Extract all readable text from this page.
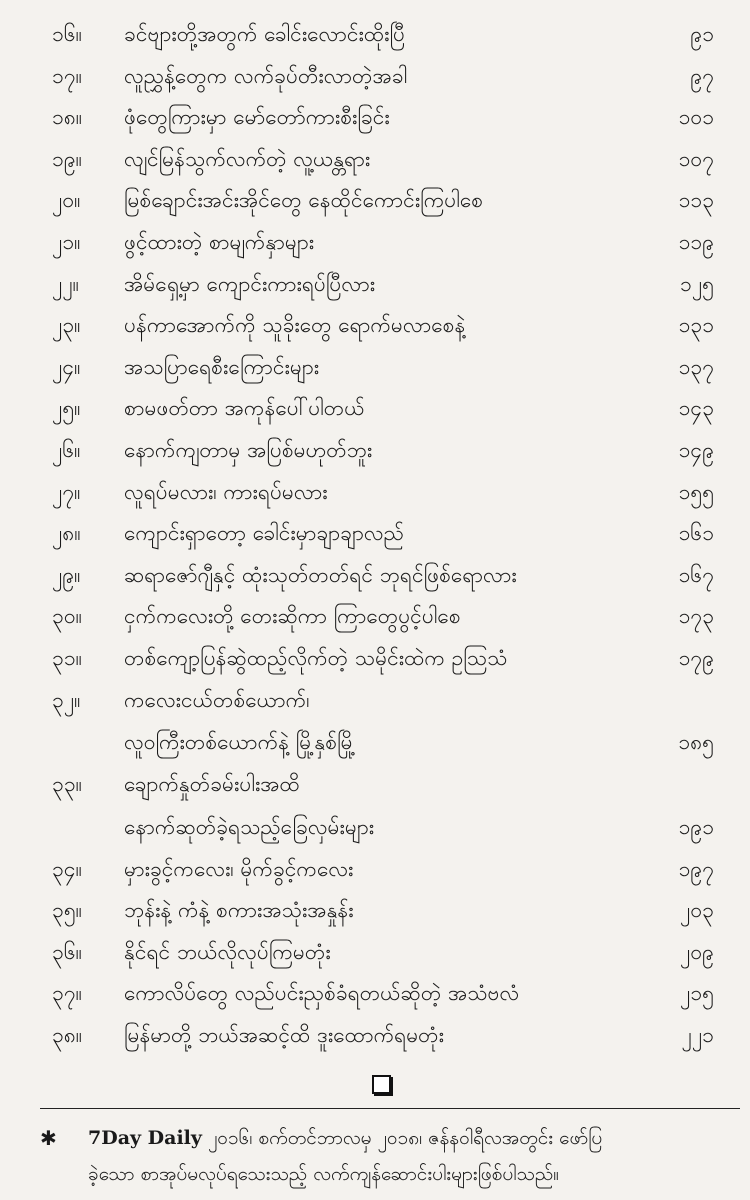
၁၆။	ခင်ဗျားတို့အတွက် ခေါင်းလောင်းထိုးပြီ	၉၁
၁၇။	လူညွှန့်တွေက လက်ခုပ်တီးလာတဲ့အခါ	၉၇
၁၈။	ဖုံတွေကြားမှာ မော်တော်ကားစီးခြင်း	၁၀၁
၁၉။	လျင်မြန်သွက်လက်တဲ့ လူ့ယန္တရား	၁၀၇
၂၀။	မြစ်ချောင်းအင်းအိုင်တွေ နေထိုင်ကောင်းကြပါစေ	၁၁၃
၂၁။	ဖွင့်ထားတဲ့ စာမျက်နှာများ	၁၁၉
၂၂။	အိမ်ရှေ့မှာ ကျောင်းကားရပ်ပြီလား	၁၂၅
၂၃။	ပန်ကာအောက်ကို သူခိုးတွေ ရောက်မလာစေနဲ့	၁၃၁
၂၄။	အသပြာရေစီးကြောင်းများ	၁၃၇
၂၅။	စာမဖတ်တာ အကုန်ပေါ်ပါတယ်	၁၄၃
၂၆။	နောက်ကျတာမှ အပြစ်မဟုတ်ဘူး	၁၄၉
၂၇။	လူရပ်မလား၊ ကားရပ်မလား	၁၅၅
၂၈။	ကျောင်းရှာတော့ ခေါင်းမှာချာချာလည်	၁၆၁
၂၉။	ဆရာဇော်ဂျီနှင့် ထုံးသုတ်တတ်ရင် ဘုရင်ဖြစ်ရောလား	၁၆၇
၃၀။	ငှက်ကလေးတို့ တေးဆိုကာ ကြာတွေပွင့်ပါစေ	၁၇၃
၃၁။	တစ်ကျော့ပြန်ဆွဲထည့်လိုက်တဲ့ သမိုင်းထဲက ဥသြသံ	၁၇၉
၃၂။	ကလေးငယ်တစ်ယောက်၊
လူဝကြီးတစ်ယောက်နဲ့ မြို့နှစ်မြို့	၁၈၅
၃၃။	ချောက်နှုတ်ခမ်းပါးအထိ
နောက်ဆုတ်ခဲ့ရသည့်ခြေလှမ်းများ	၁၉၁
၃၄။	မှားခွင့်ကလေး၊ မိုက်ခွင့်ကလေး	၁၉၇
၃၅။	ဘုန်းနဲ့ ကံနဲ့ စကားအသုံးအနှုန်း	၂၀၃
၃၆။	နိုင်ရင် ဘယ်လိုလုပ်ကြမတုံး	၂၀၉
၃၇။	ကောလိပ်တွေ လည်ပင်းညှစ်ခံရတယ်ဆိုတဲ့ အသံဗလံ	၂၁၅
၃၈။	မြန်မာတို့ ဘယ်အဆင့်ထိ ဒူးထောက်ရမတုံး	၂၂၁
✱ 7Day Daily ၂၀၁၆၊ စက်တင်ဘာလမှ ၂၀၁၈၊ ဇန်နဝါရီလအတွင်း ဖော်ပြ
ခဲ့သော စာအုပ်မလုပ်ရသေးသည့် လက်ကျန်ဆောင်းပါးများဖြစ်ပါသည်။
